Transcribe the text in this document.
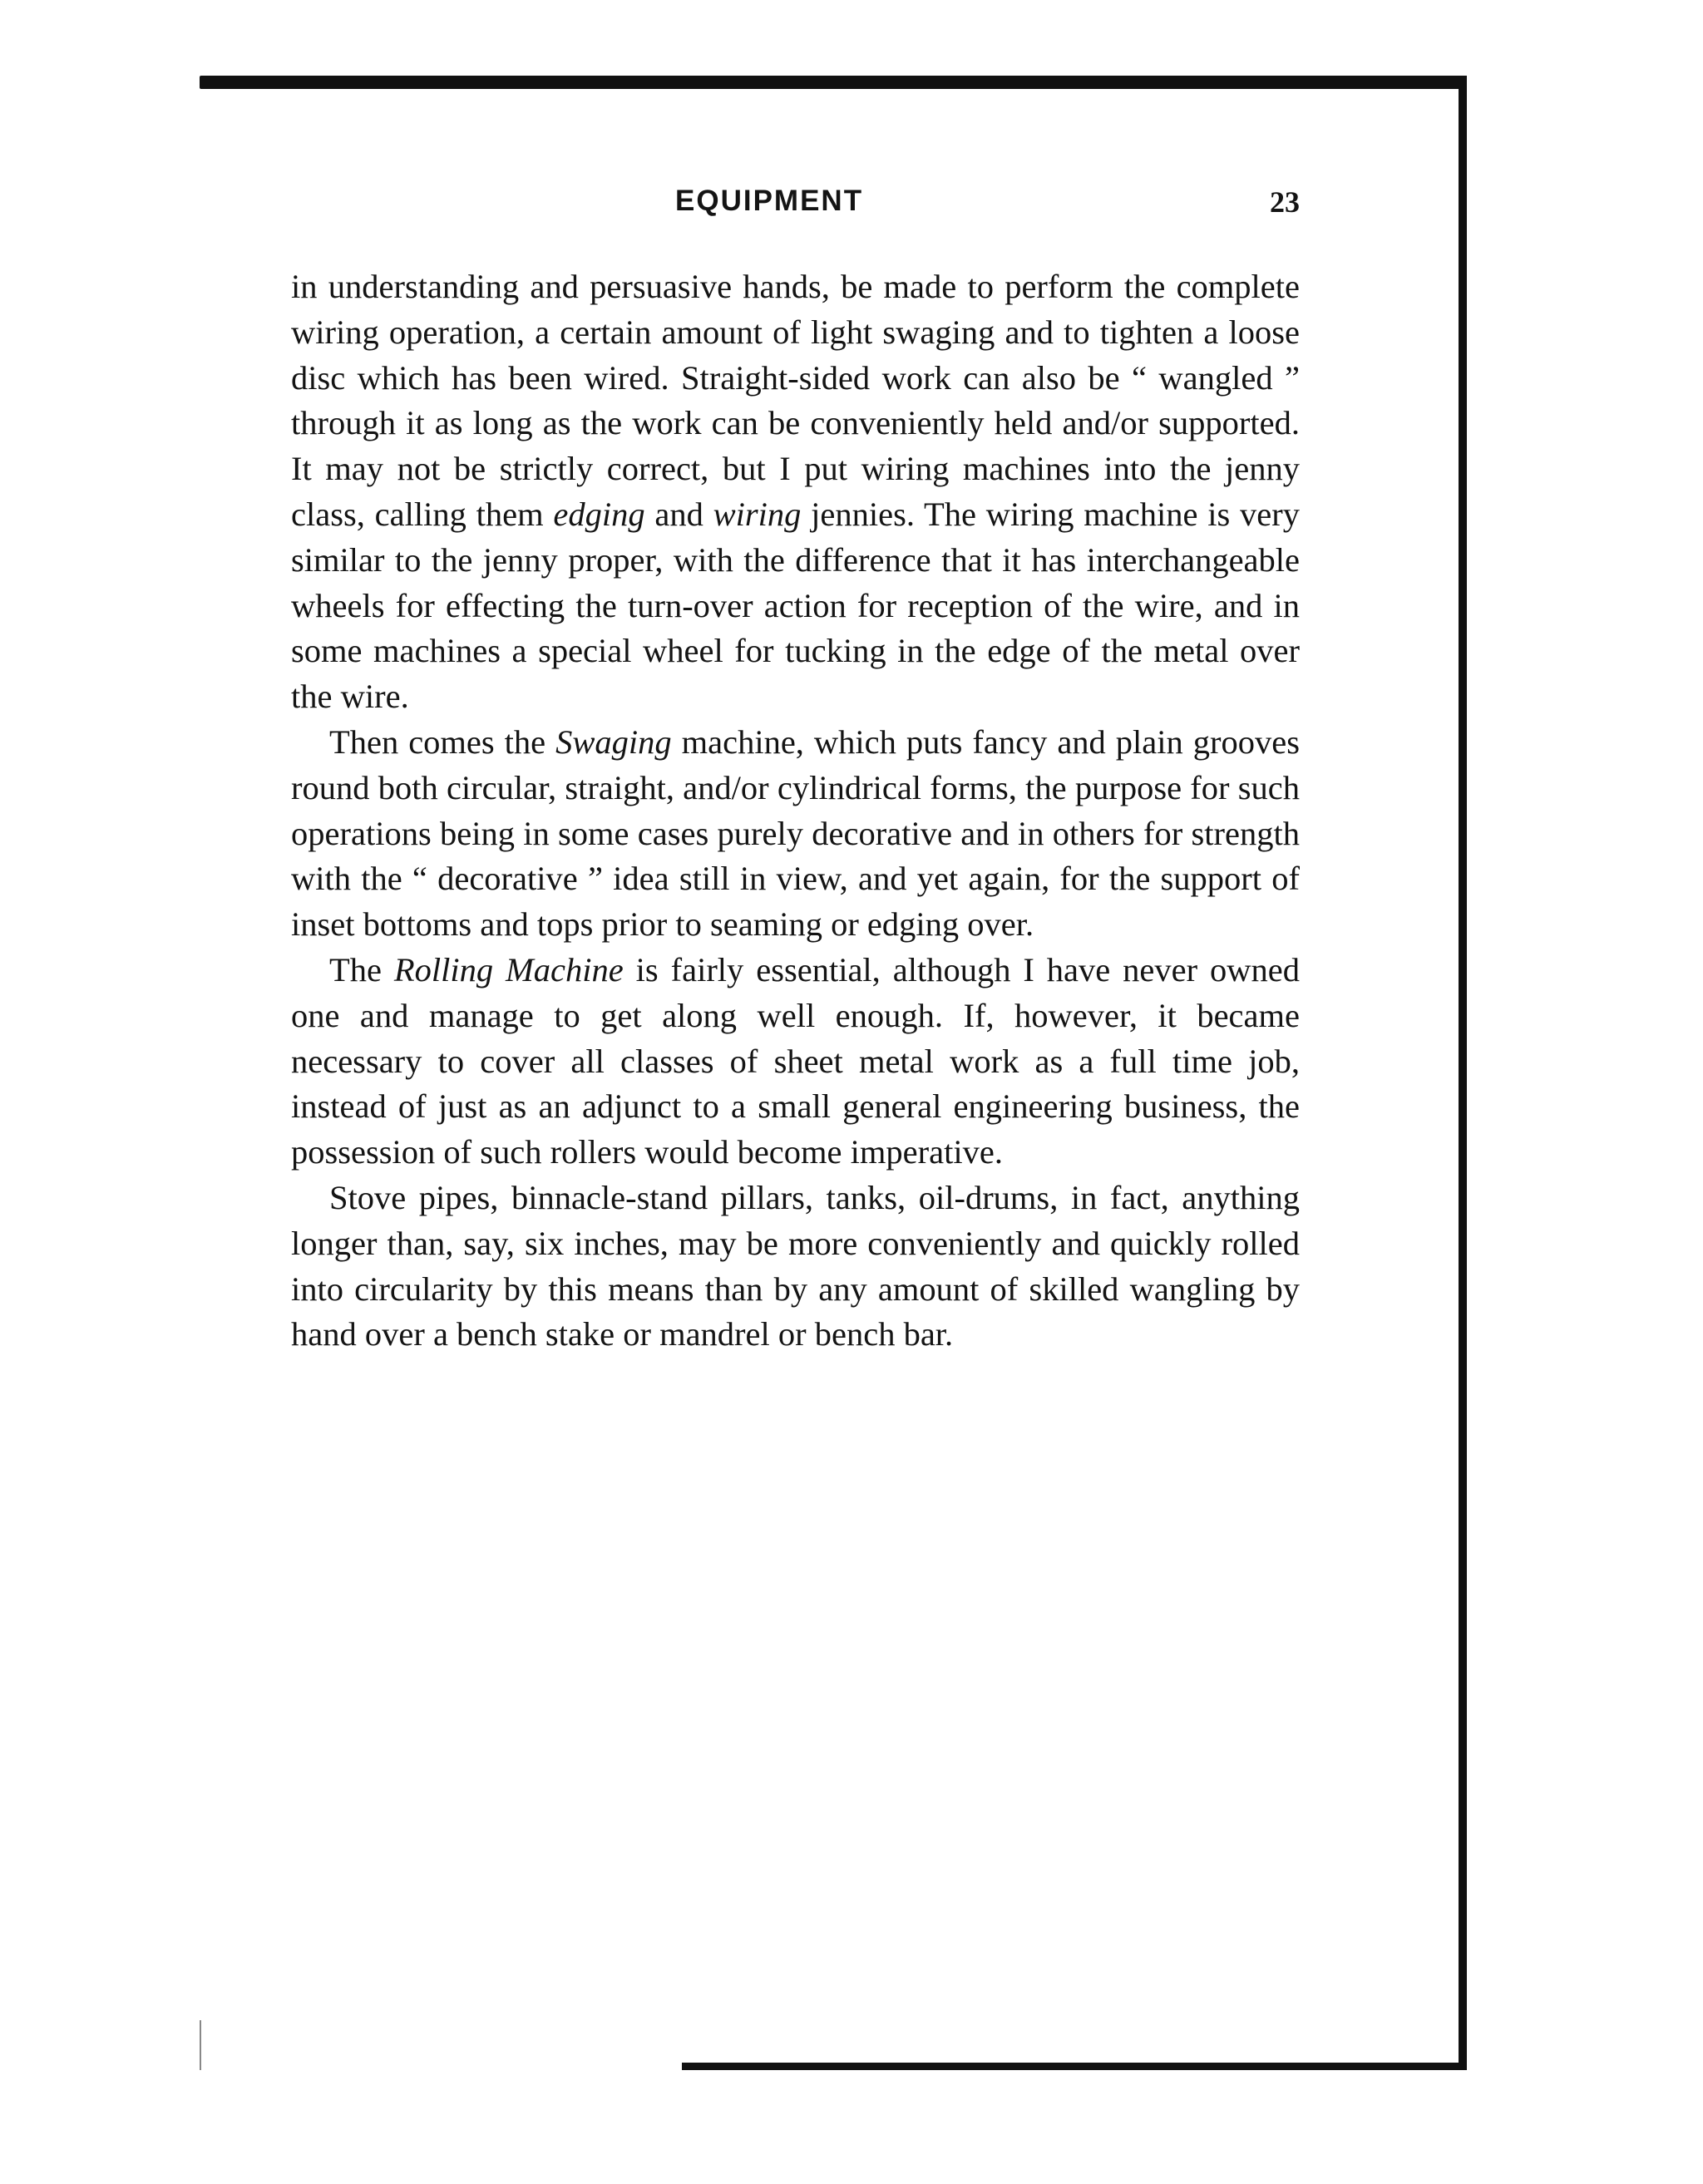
EQUIPMENT	23

in understanding and persuasive hands, be made to perform the complete wiring operation, a certain amount of light swaging and to tighten a loose disc which has been wired. Straight-sided work can also be “ wangled ” through it as long as the work can be conveniently held and/or supported. It may not be strictly correct, but I put wiring machines into the jenny class, calling them edging and wiring jennies. The wiring machine is very similar to the jenny proper, with the difference that it has interchangeable wheels for effecting the turn-over action for reception of the wire, and in some machines a special wheel for tucking in the edge of the metal over the wire.

Then comes the Swaging machine, which puts fancy and plain grooves round both circular, straight, and/or cylindrical forms, the purpose for such operations being in some cases purely decorative and in others for strength with the “ decorative ” idea still in view, and yet again, for the support of inset bottoms and tops prior to seaming or edging over.

The Rolling Machine is fairly essential, although I have never owned one and manage to get along well enough. If, however, it became necessary to cover all classes of sheet metal work as a full time job, instead of just as an adjunct to a small general engineering business, the possession of such rollers would become imperative.

Stove pipes, binnacle-stand pillars, tanks, oil-drums, in fact, anything longer than, say, six inches, may be more conveniently and quickly rolled into circularity by this means than by any amount of skilled wangling by hand over a bench stake or mandrel or bench bar.
